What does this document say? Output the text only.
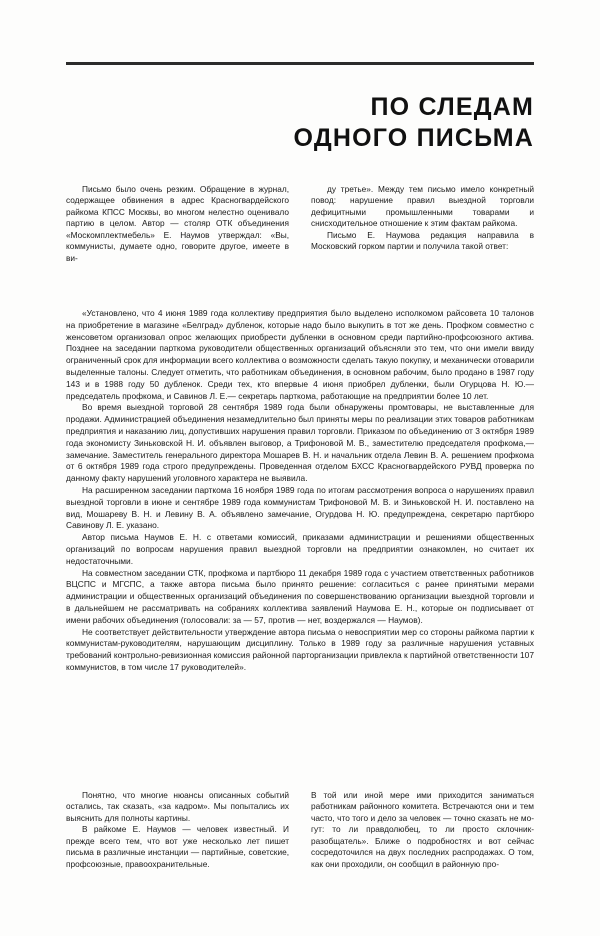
ПО СЛЕДАМ
ОДНОГО ПИСЬМА

Письмо было очень резким. Обращение в журнал, содержащее обвинения в адрес Красногвардейского райкома КПСС Москвы, во многом нелестно оценивало партию в целом. Автор — столяр ОТК объединения «Москомплектмебель» Е. Наумов утверждал: «Вы, коммунисты, думаете одно, говорите другое, имеете в ви-

ду третье». Между тем письмо имело конкретный повод: нарушение правил выездной торговли дефицитными промышленными товарами и снисходительное отношение к этим фактам райкома.

Письмо Е. Наумова редакция направила в Московский горком партии и получила такой ответ:

«Установлено, что 4 июня 1989 года коллективу предприятия было выделено исполкомом райсовета 10 талонов на приобретение в магазине «Белград» дубленок, которые надо было выкупить в тот же день. Профком совместно с женсоветом организовал опрос желающих приобрести дубленки в основном среди партийно-профсоюзного актива. Позднее на заседании парткома руководители общественных организаций объясняли это тем, что они имели ввиду ограниченный срок для информации всего коллектива о возможности сделать такую покупку, и механически отоварили выделенные талоны. Следует отметить, что работникам объединения, в основном рабочим, было продано в 1987 году 143 и в 1988 году 50 дубленок. Среди тех, кто впервые 4 июня приобрел дубленки, были Огурцова Н. Ю.— председатель профкома, и Савинов Л. Е.— секретарь парткома, работающие на предприятии более 10 лет.

Во время выездной торговой 28 сентября 1989 года были обнаружены промтовары, не выставленные для продажи. Администрацией объединения незамедлительно был приняты меры по реализации этих товаров работникам предприятия и наказанию лиц, допустивших нарушения правил торговли. Приказом по объединению от 3 октября 1989 года экономисту Зиньковской Н. И. объявлен выговор, а Трифоновой М. В., заместителю председателя профкома,— замечание. Заместитель генерального директора Мошарев В. Н. и начальник отдела Левин В. А. решением профкома от 6 октября 1989 года строго предупреждены. Проведенная отделом БХСС Красногвардейского РУВД проверка по данному факту нарушений уголовного характера не выявила.

На расширенном заседании парткома 16 ноября 1989 года по итогам рассмотрения вопроса о нарушениях правил выездной торговли в июне и сентябре 1989 года коммунистам Трифоновой М. В. и Зиньковской Н. И. поставлено на вид, Мошареву В. Н. и Левину В. А. объявлено замечание, Огурдова Н. Ю. предупреждена, секретарю партбюро Савинову Л. Е. указано.

Автор письма Наумов Е. Н. с ответами комиссий, приказами администрации и решениями общественных организаций по вопросам нарушения правил выездной торговли на предприятии ознакомлен, но считает их недостаточными.

На совместном заседании СТК, профкома и партбюро 11 декабря 1989 года с участием ответственных работников ВЦСПС и МГСПС, а также автора письма было принято решение: согласиться с ранее принятыми мерами администрации и общественных организаций объединения по совершенствованию организации выездной торговли и в дальнейшем не рассматривать на собраниях коллектива заявлений Наумова Е. Н., которые он подписывает от имени рабочих объединения (голосовали: за — 57, против — нет, воздержался — Наумов).

Не соответствует действительности утверждение автора письма о невосприятии мер со стороны райкома партии к коммунистам-руководителям, нарушающим дисциплину. Только в 1989 году за различные нарушения уставных требований контрольно-ревизионная комиссия районной парторганизации привлекла к партийной ответственности 107 коммунистов, в том числе 17 руководителей».

Понятно, что многие нюансы описанных событий остались, так сказать, «за кадром». Мы попытались их выяснить для полноты картины.

В райкоме Е. Наумов — человек известный. И прежде всего тем, что вот уже несколько лет пишет письма в различные инстанции — партийные, советские, профсоюзные, правоохранительные.

В той или иной мере ими приходится заниматься работникам районного комитета. Встречаются они и тем часто, что того и дело за человек — точно сказать не могут: то ли правдолюбец, то ли просто склочник-разобщатель». Ближе о подробностях и вот сейчас сосредоточился на двух последних распродажах. О том, как они проходили, он сообщил в районную про-
